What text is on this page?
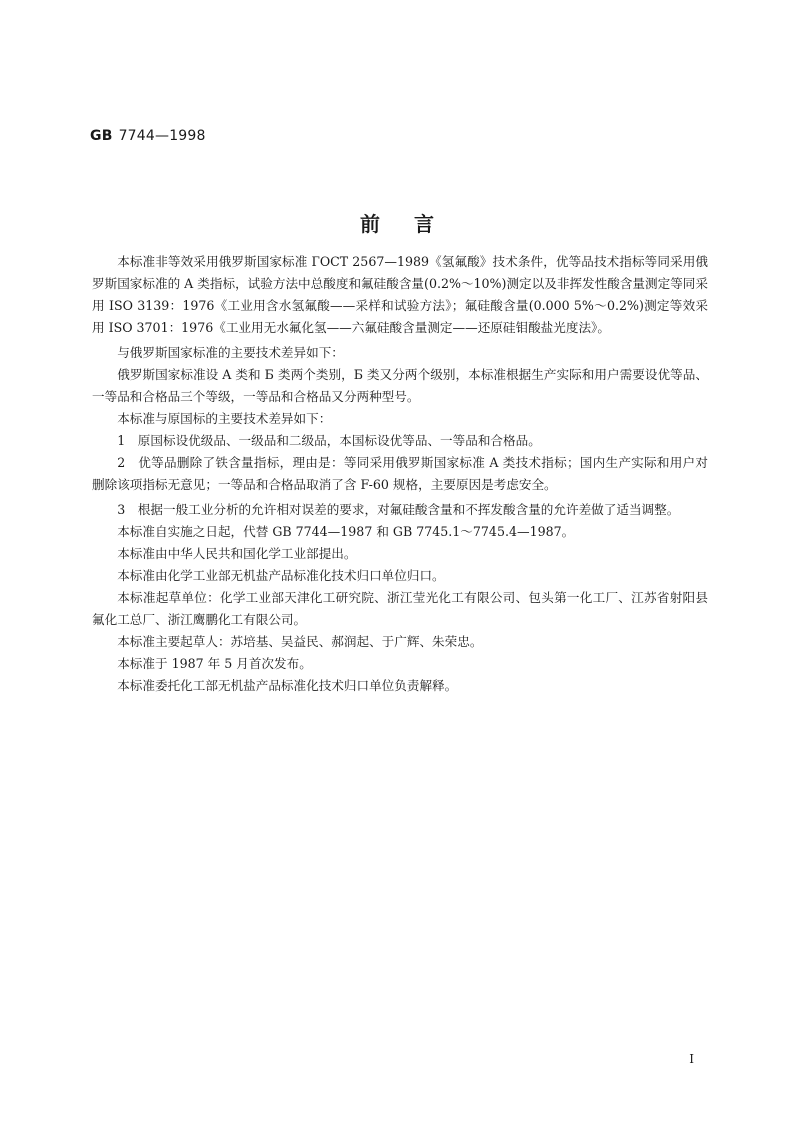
GB 7744—1998
前言

本标准非等效采用俄罗斯国家标准 ГОСТ 2567—1989《氢氟酸》技术条件，优等品技术指标等同采用俄罗斯国家标准的 A 类指标，试验方法中总酸度和氟硅酸含量(0.2%～10%)测定以及非挥发性酸含量测定等同采用 ISO 3139：1976《工业用含水氢氟酸——采样和试验方法》；氟硅酸含量(0.000 5%～0.2%)测定等效采用 ISO 3701：1976《工业用无水氟化氢——六氟硅酸含量测定——还原硅钼酸盐光度法》。

与俄罗斯国家标准的主要技术差异如下：

俄罗斯国家标准设 A 类和 Б 类两个类别，Б 类又分两个级别，本标准根据生产实际和用户需要设优等品、一等品和合格品三个等级，一等品和合格品又分两种型号。

本标准与原国标的主要技术差异如下：

1　原国标设优级品、一级品和二级品，本国标设优等品、一等品和合格品。

2　优等品删除了铁含量指标，理由是：等同采用俄罗斯国家标准 A 类技术指标；国内生产实际和用户对删除该项指标无意见；一等品和合格品取消了含 F-60 规格，主要原因是考虑安全。

3　根据一般工业分析的允许相对误差的要求，对氟硅酸含量和不挥发酸含量的允许差做了适当调整。

本标准自实施之日起，代替 GB 7744—1987 和 GB 7745.1～7745.4—1987。

本标准由中华人民共和国化学工业部提出。

本标准由化学工业部无机盐产品标准化技术归口单位归口。

本标准起草单位：化学工业部天津化工研究院、浙江莹光化工有限公司、包头第一化工厂、江苏省射阳县氟化工总厂、浙江鹰鹏化工有限公司。

本标准主要起草人：苏培基、吴益民、郝润起、于广辉、朱荣忠。

本标准于 1987 年 5 月首次发布。

本标准委托化工部无机盐产品标准化技术归口单位负责解释。

I
